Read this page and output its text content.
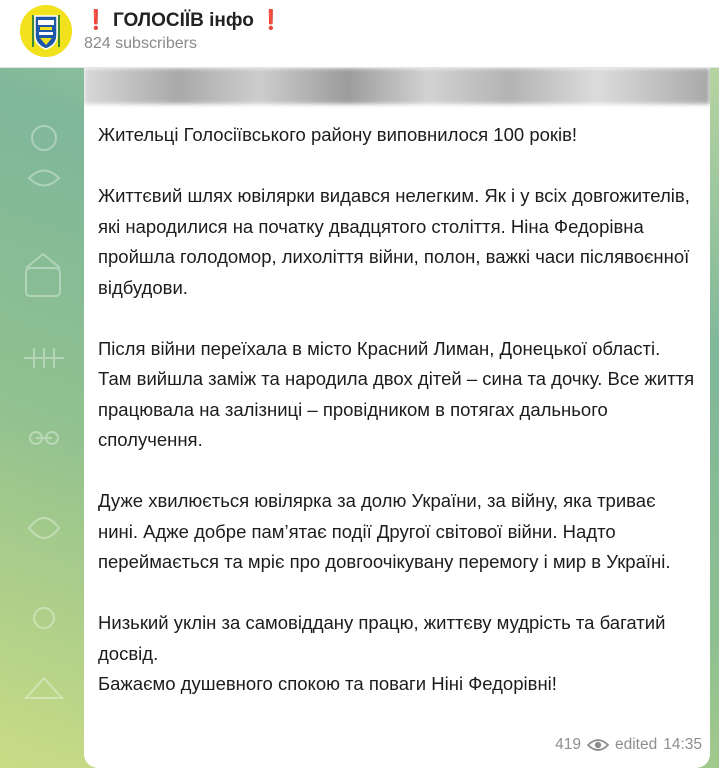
❗ ГОЛОСІЇВ інфо ❗
824 subscribers

Жительці Голосіївського району виповнилося 100 років!

Життєвий шлях ювілярки видався нелегким. Як і у всіх довгожителів, які народилися на початку двадцятого століття. Ніна Федорівна пройшла голодомор, лихоліття війни, полон, важкі часи післявоєнної відбудови.

Після війни переїхала в місто Красний Лиман, Донецької області. Там вийшла заміж та народила двох дітей – сина та дочку. Все життя працювала на залізниці – провідником в потягах дальнього сполучення.

Дуже хвилюється ювілярка за долю України, за війну, яка триває нині. Адже добре пам’ятає події Другої світової війни. Надто переймається та мріє про довгоочікувану перемогу і мир в Україні.

Низький уклін за самовіддану працю, життєву мудрість та багатий досвід.
Бажаємо душевного спокою та поваги Ніні Федорівні!

419 edited 14:35
